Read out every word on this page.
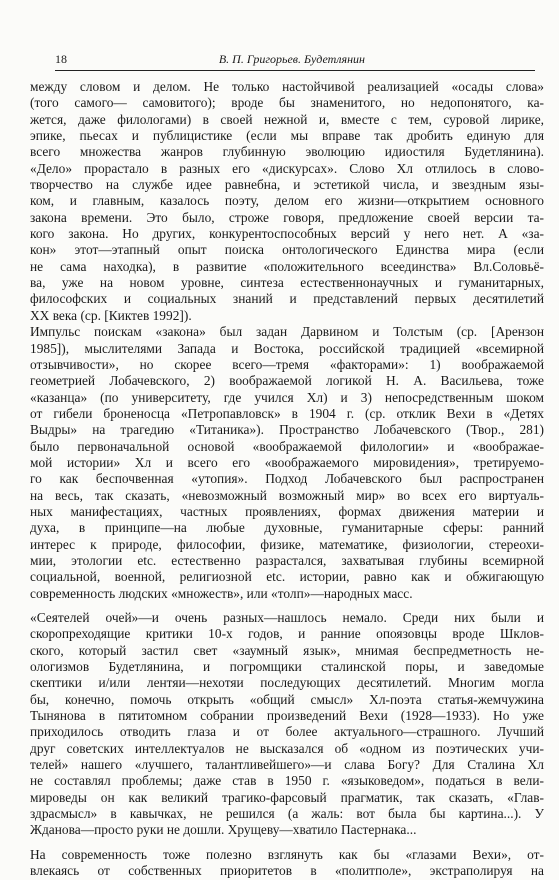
18	В. П. Григорьев. Будетлянин

между словом и делом. Не только настойчивой реализацией «осады слова»

(того самого— самовитого); вроде бы знаменитого, но недопонятого, ка-

жется, даже филологами) в своей нежной и, вместе с тем, суровой лирике,

эпике, пьесах и публицистике (если мы вправе так дробить единую для

всего множества жанров глубинную эволюцию идиостиля Будетлянина).

«Дело» прорастало в разных его «дискурсах». Слово Хл отлилось в слово-

творчество на службе идее равнебна, и эстетикой числа, и звездным язы-

ком, и главным, казалось поэту, делом его жизни—открытием основного

закона времени. Это было, строже говоря, предложение своей версии та-

кого закона. Но других, конкурентоспособных версий у него нет. А «за-

кон» этот—этапный опыт поиска онтологического Единства мира (если

не сама находка), в развитие «положительного всеединства» Вл.Соловьё-

ва, уже на новом уровне, синтеза естественнонаучных и гуманитарных,

философских и социальных знаний и представлений первых десятилетий

XX века (ср. [Киктев 1992]).

Импульс поискам «закона» был задан Дарвином и Толстым (ср. [Арензон

1985]), мыслителями Запада и Востока, российской традицией «всемирной

отзывчивости», но скорее всего—тремя «факторами»: 1) воображаемой

геометрией Лобачевского, 2) воображаемой логикой Н. А. Васильева, тоже

«казанца» (по университету, где учился Хл) и 3) непосредственным шоком

от гибели броненосца «Петропавловск» в 1904 г. (ср. отклик Вехи в «Детях

Выдры» на трагедию «Титаника»). Пространство Лобачевского (Твор., 281)

было первоначальной основой «воображаемой филологии» и «воображае-

мой истории» Хл и всего его «воображаемого мировидения», третируемо-

го как беспочвенная «утопия». Подход Лобачевского был распространен

на весь, так сказать, «невозможный возможный мир» во всех его виртуаль-

ных манифестациях, частных проявлениях, формах движения материи и

духа, в принципе—на любые духовные, гуманитарные сферы: ранний

интерес к природе, философии, физике, математике, физиологии, стереохи-

мии, этологии etc. естественно разрастался, захватывая глубины всемирной

социальной, военной, религиозной etc. истории, равно как и обжигающую

современность людских «множеств», или «толп»—народных масс.

«Сеятелей очей»—и очень разных—нашлось немало. Среди них были и

скоропреходящие критики 10-х годов, и ранние опоязовцы вроде Шклов-

ского, который застил свет «заумный язык», мнимая беспредметность не-

ологизмов Будетлянина, и погромщики сталинской поры, и заведомые

скептики и/или лентяи—нехотяи последующих десятилетий. Многим могла

бы, конечно, помочь открыть «общий смысл» Хл-поэта статья-жемчужина

Тынянова в пятитомном собрании произведений Вехи (1928—1933). Но уже

приходилось отводить глаза и от более актуального—страшного. Лучший

друг советских интеллектуалов не высказался об «одном из поэтических учи-

телей» нашего «лучшего, талантливейшего»—и слава Богу? Для Сталина Хл

не составлял проблемы; даже став в 1950 г. «языковедом», податься в вели-

мироведы он как великий трагико-фарсовый прагматик, так сказать, «Глав-

здрасмысл» в кавычках, не решился (а жаль: вот была бы картина...). У

Жданова—просто руки не дошли. Хрущеву—хватило Пастернака...

На современность тоже полезно взглянуть как бы «глазами Вехи», от-

влекаясь от собственных приоритетов в «политполе», экстраполируя на
